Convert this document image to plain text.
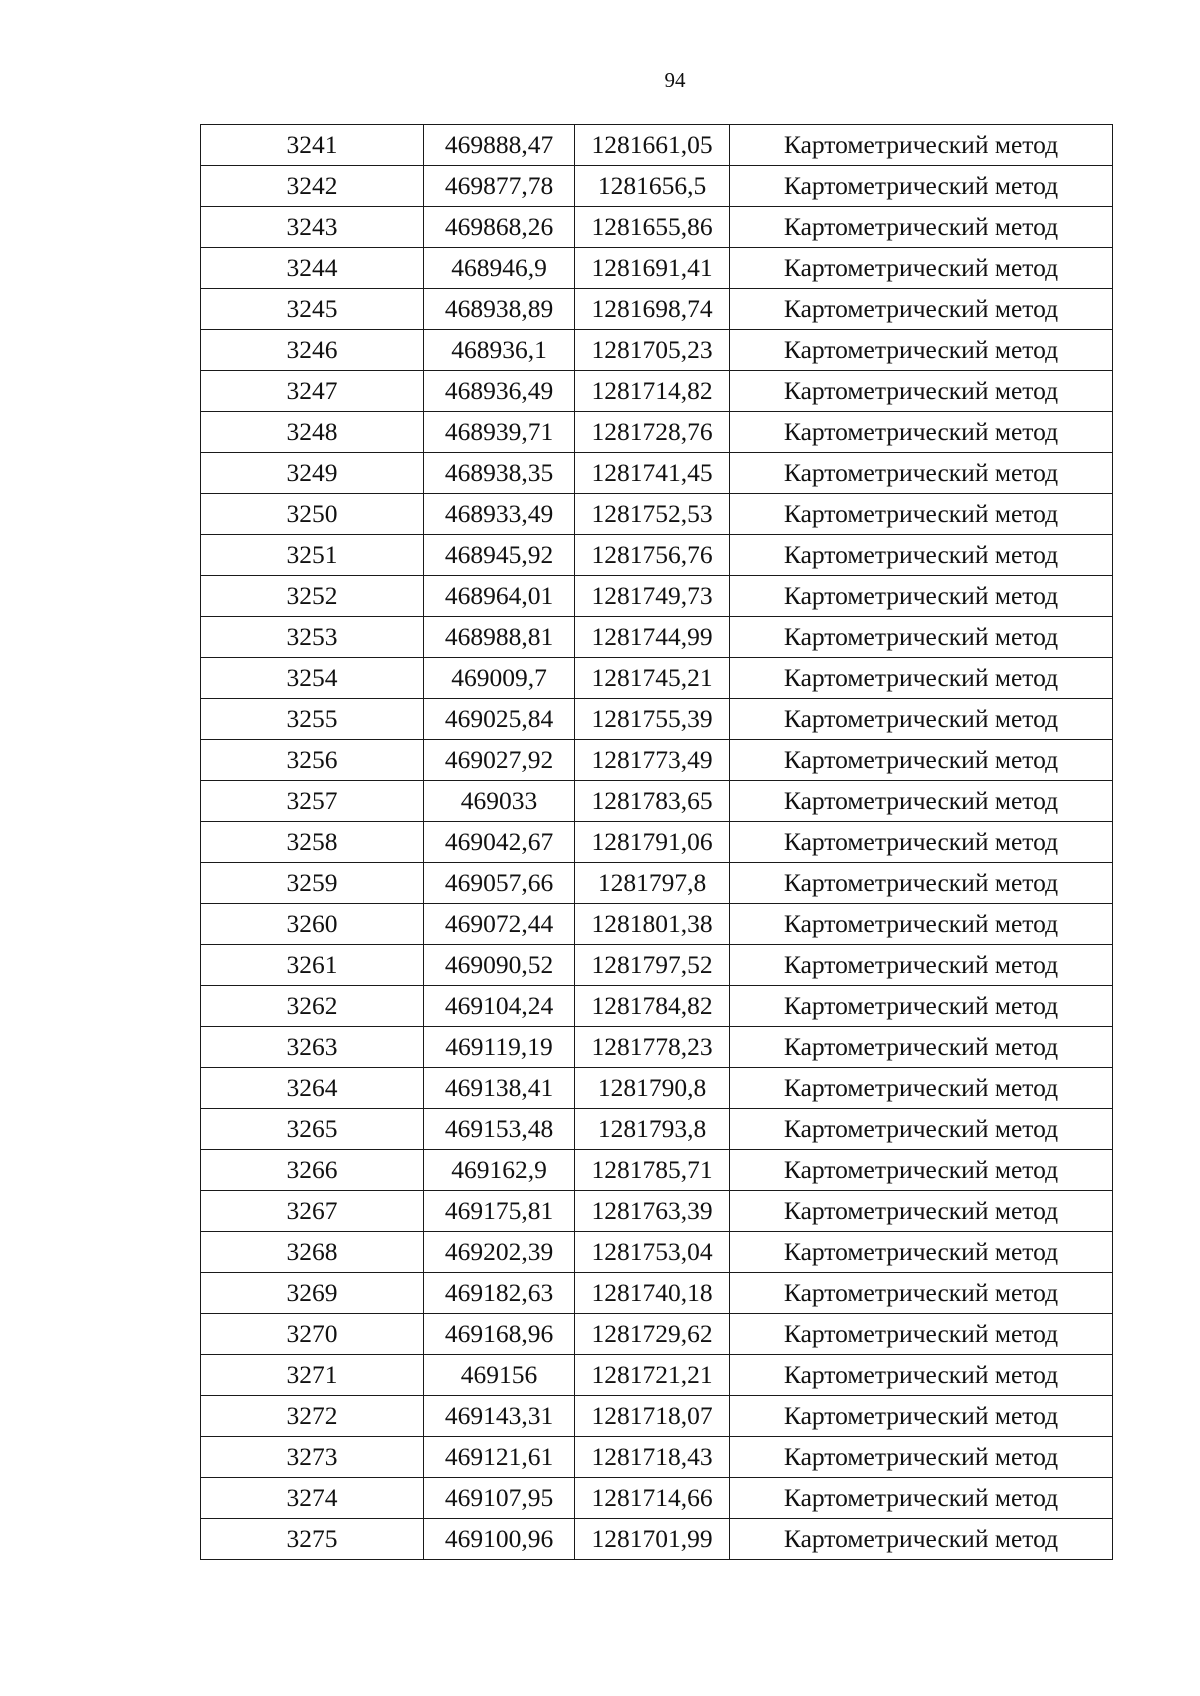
94
3241	469888,47	1281661,05	Картометрический метод
3242	469877,78	1281656,5	Картометрический метод
3243	469868,26	1281655,86	Картометрический метод
3244	468946,9	1281691,41	Картометрический метод
3245	468938,89	1281698,74	Картометрический метод
3246	468936,1	1281705,23	Картометрический метод
3247	468936,49	1281714,82	Картометрический метод
3248	468939,71	1281728,76	Картометрический метод
3249	468938,35	1281741,45	Картометрический метод
3250	468933,49	1281752,53	Картометрический метод
3251	468945,92	1281756,76	Картометрический метод
3252	468964,01	1281749,73	Картометрический метод
3253	468988,81	1281744,99	Картометрический метод
3254	469009,7	1281745,21	Картометрический метод
3255	469025,84	1281755,39	Картометрический метод
3256	469027,92	1281773,49	Картометрический метод
3257	469033	1281783,65	Картометрический метод
3258	469042,67	1281791,06	Картометрический метод
3259	469057,66	1281797,8	Картометрический метод
3260	469072,44	1281801,38	Картометрический метод
3261	469090,52	1281797,52	Картометрический метод
3262	469104,24	1281784,82	Картометрический метод
3263	469119,19	1281778,23	Картометрический метод
3264	469138,41	1281790,8	Картометрический метод
3265	469153,48	1281793,8	Картометрический метод
3266	469162,9	1281785,71	Картометрический метод
3267	469175,81	1281763,39	Картометрический метод
3268	469202,39	1281753,04	Картометрический метод
3269	469182,63	1281740,18	Картометрический метод
3270	469168,96	1281729,62	Картометрический метод
3271	469156	1281721,21	Картометрический метод
3272	469143,31	1281718,07	Картометрический метод
3273	469121,61	1281718,43	Картометрический метод
3274	469107,95	1281714,66	Картометрический метод
3275	469100,96	1281701,99	Картометрический метод
